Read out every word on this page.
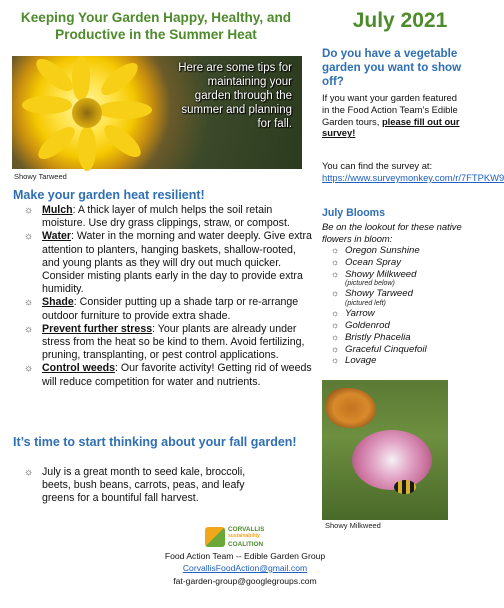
Keeping Your Garden Happy, Healthy, and Productive in the Summer Heat
July 2021
Here are some tips for maintaining your garden through the summer and planning for fall.
Showy Tarweed
Make your garden heat resilient!
☼ Mulch: A thick layer of mulch helps the soil retain moisture. Use dry grass clippings, straw, or compost.
☼ Water: Water in the morning and water deeply. Give extra attention to planters, hanging baskets, shallow-rooted, and young plants as they will dry out much quicker. Consider misting plants early in the day to provide extra humidity.
☼ Shade: Consider putting up a shade tarp or re-arrange outdoor furniture to provide extra shade.
☼ Prevent further stress: Your plants are already under stress from the heat so be kind to them. Avoid fertilizing, pruning, transplanting, or pest control applications.
☼ Control weeds: Our favorite activity! Getting rid of weeds will reduce competition for water and nutrients.
It’s time to start thinking about your fall garden!
☼ July is a great month to seed kale, broccoli, beets, bush beans, carrots, peas, and leafy greens for a bountiful fall harvest.
Do you have a vegetable garden you want to show off?
If you want your garden featured in the Food Action Team’s Edible Garden tours, please fill out our survey!
You can find the survey at: https://www.surveymonkey.com/r/7FTPKW9
July Blooms
Be on the lookout for these native flowers in bloom:
☼ Oregon Sunshine
☼ Ocean Spray
☼ Showy Milkweed
(pictured below)
☼ Showy Tarweed
(pictured left)
☼ Yarrow
☼ Goldenrod
☼ Bristly Phacelia
☼ Graceful Cinquefoil
☼ Lovage
Showy Milkweed
CORVALLIS
sustainability
COALITION
Food Action Team -- Edible Garden Group
CorvallisFoodAction@gmail.com
fat-garden-group@googlegroups.com
